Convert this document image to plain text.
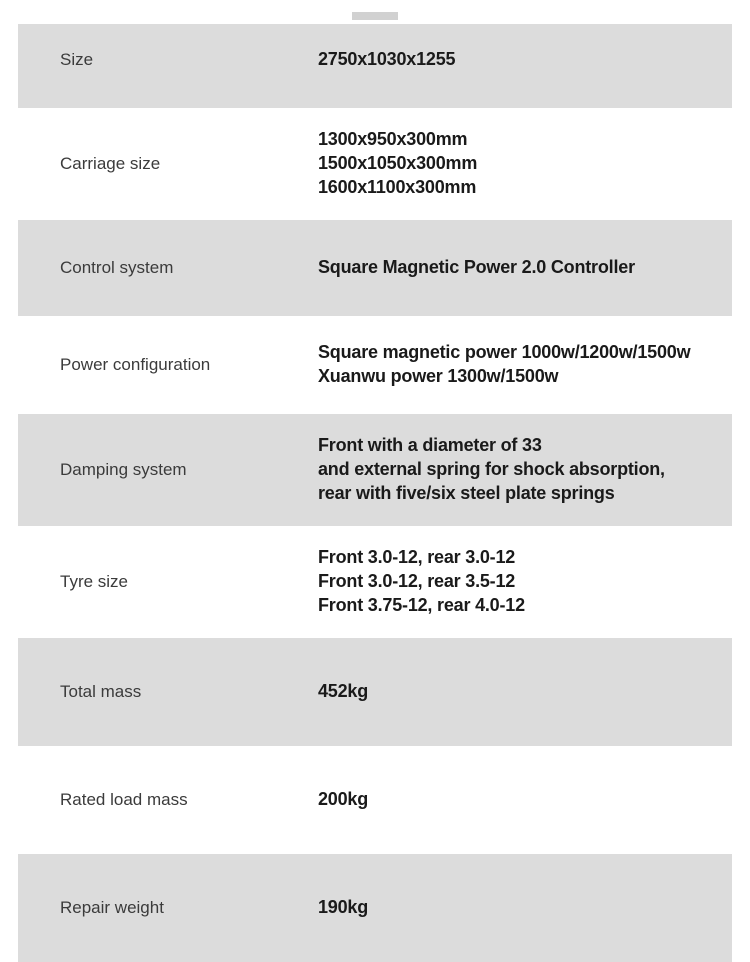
Size	2750x1030x1255

Carriage size	1300x950x300mm
1500x1050x300mm
1600x1100x300mm

Control system	Square Magnetic Power 2.0 Controller

Power configuration	Square magnetic power 1000w/1200w/1500w
Xuanwu power 1300w/1500w

Damping system	Front with a diameter of 33
and external spring for shock absorption,
rear with five/six steel plate springs

Tyre size	Front 3.0-12, rear 3.0-12
Front 3.0-12, rear 3.5-12
Front 3.75-12, rear 4.0-12

Total mass	452kg

Rated load mass	200kg

Repair weight	190kg
